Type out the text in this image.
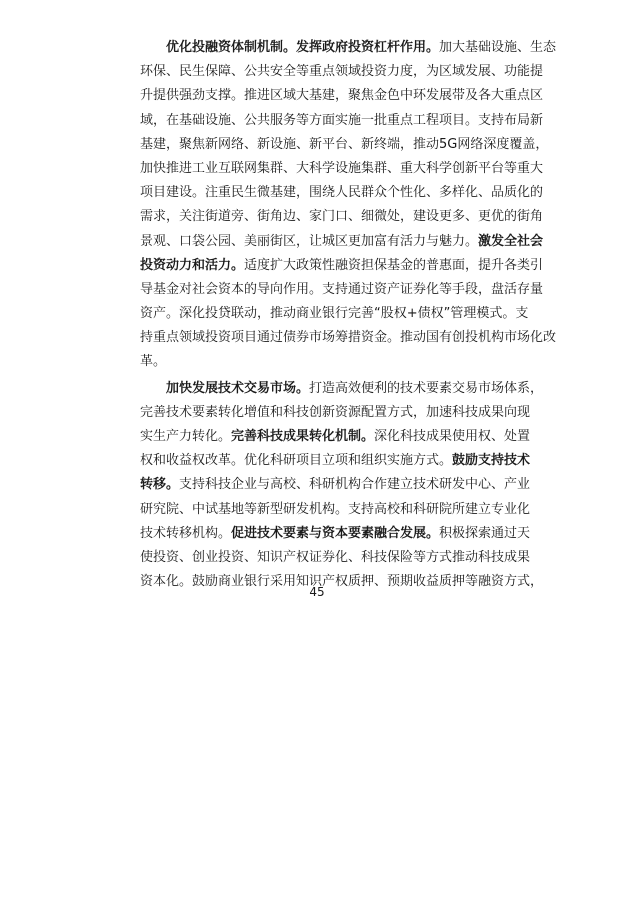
优化投融资体制机制。发挥政府投资杠杆作用。加大基础设施、生态
环保、民生保障、公共安全等重点领域投资力度，为区域发展、功能提
升提供强劲支撑。推进区域大基建，聚焦金色中环发展带及各大重点区
域，在基础设施、公共服务等方面实施一批重点工程项目。支持布局新
基建，聚焦新网络、新设施、新平台、新终端，推动5G网络深度覆盖，
加快推进工业互联网集群、大科学设施集群、重大科学创新平台等重大
项目建设。注重民生微基建，围绕人民群众个性化、多样化、品质化的
需求，关注街道旁、街角边、家门口、细微处，建设更多、更优的街角
景观、口袋公园、美丽街区，让城区更加富有活力与魅力。激发全社会
投资动力和活力。适度扩大政策性融资担保基金的普惠面，提升各类引
导基金对社会资本的导向作用。支持通过资产证券化等手段，盘活存量
资产。深化投贷联动，推动商业银行完善“股权+债权”管理模式。支
持重点领域投资项目通过债券市场筹措资金。推动国有创投机构市场化改
革。
加快发展技术交易市场。打造高效便利的技术要素交易市场体系，
完善技术要素转化增值和科技创新资源配置方式，加速科技成果向现
实生产力转化。完善科技成果转化机制。深化科技成果使用权、处置
权和收益权改革。优化科研项目立项和组织实施方式。鼓励支持技术
转移。支持科技企业与高校、科研机构合作建立技术研发中心、产业
研究院、中试基地等新型研发机构。支持高校和科研院所建立专业化
技术转移机构。促进技术要素与资本要素融合发展。积极探索通过天
使投资、创业投资、知识产权证券化、科技保险等方式推动科技成果
资本化。鼓励商业银行采用知识产权质押、预期收益质押等融资方式，
45
